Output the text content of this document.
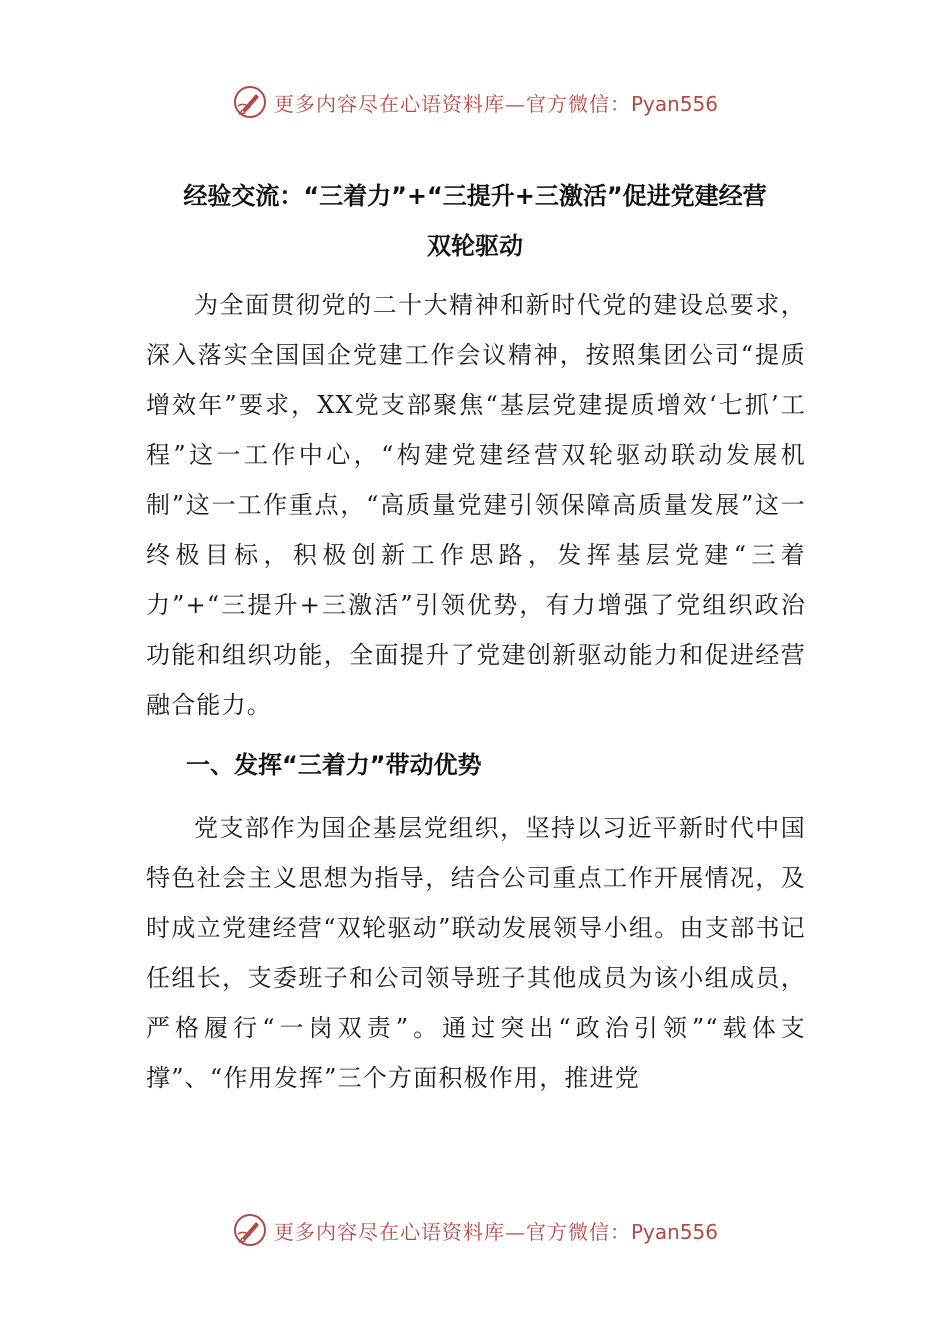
更多内容尽在心语资料库—官方微信：Pyan556
经验交流：“三着力”+“三提升+三激活”促进党建经营
双轮驱动

为全面贯彻党的二十大精神和新时代党的建设总要求，深入落实全国国企党建工作会议精神，按照集团公司“提质增效年”要求，XX党支部聚焦“基层党建提质增效‘七抓’工程”这一工作中心，“构建党建经营双轮驱动联动发展机制”这一工作重点，“高质量党建引领保障高质量发展”这一终极目标，积极创新工作思路，发挥基层党建“三着力”+“三提升+三激活”引领优势，有力增强了党组织政治功能和组织功能，全面提升了党建创新驱动能力和促进经营融合能力。

一、发挥“三着力”带动优势

党支部作为国企基层党组织，坚持以习近平新时代中国特色社会主义思想为指导，结合公司重点工作开展情况，及时成立党建经营“双轮驱动”联动发展领导小组。由支部书记任组长，支委班子和公司领导班子其他成员为该小组成员，严格履行“一岗双责”。通过突出“政治引领”“载体支撑”、“作用发挥”三个方面积极作用，推进党

更多内容尽在心语资料库—官方微信：Pyan556
